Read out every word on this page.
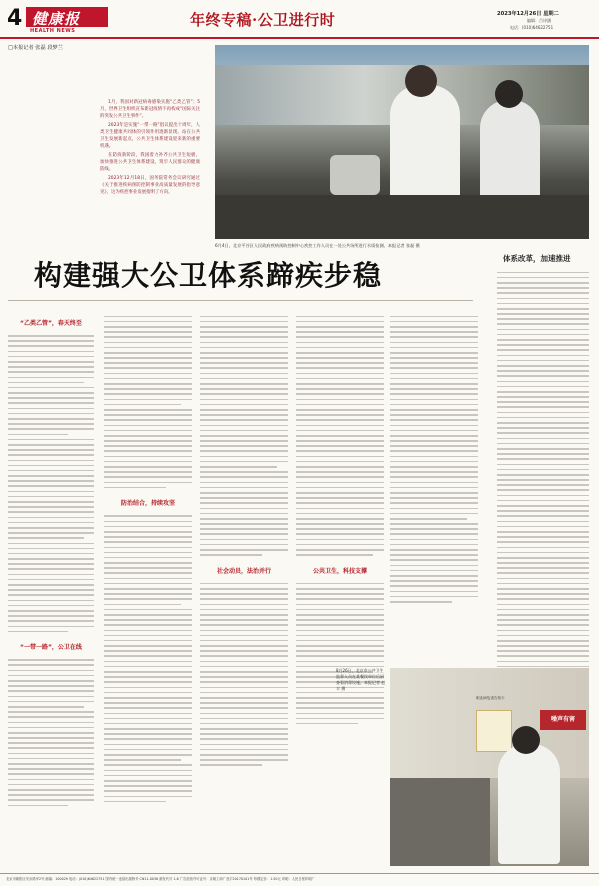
4 健康报
HEALTH NEWS
年终专稿·公卫进行时	2023年12月26日 星期二
编辑：吕诗涵
电话：(010)64622751
□本报记者 张磊 段梦兰
1月，我国对新冠病毒感染实施“乙类乙管”；5月，世界卫生组织宣布新冠疫情不再构成“国际关注的突发公共卫生事件”。
2023年是实施“一带一路”倡议提出十周年，人类卫生健康共同体的引领作用逐渐显现。站在公共卫生发展新起点，公共卫生体系建设迎来新的重要机遇。
在防疫新阶段，我国着力补齐公共卫生短板，加快推进公共卫生体系建设，筑牢人民群众的健康防线。
2023年12月18日，国务院常务会议研究通过《关于推进疾病预防控制事业高质量发展的指导意见》，这为疾控事业发展指明了方向。
6月4日，北京平谷区人民政府疾病预防控制中心疾控工作人员在一处公共场所进行水质检测。本报记者 张磊 摄
体系改革，加速推进
构建强大公卫体系蹄疾步稳
“乙类乙管”，春天终至
“一带一路”，公卫在线
防治结合，持续攻坚
社会动员，法治并行	公共卫生，科技支撑
职业病危害告知卡
噪声有害
8月26日，北京市公共卫生监督人员在某餐饮单位后厨查看消毒设施。本报记者 赵丰 摄
北京市朝阳区安贞路甲2号 邮编：100029 电话：(010)64622751 国内统一连续出版物号 CN11-0036 邮发代号 1-6 广告经营许可证号：京朝工商广登字20170101号 每期定价：1.50元 印刷：人民日报印刷厂
